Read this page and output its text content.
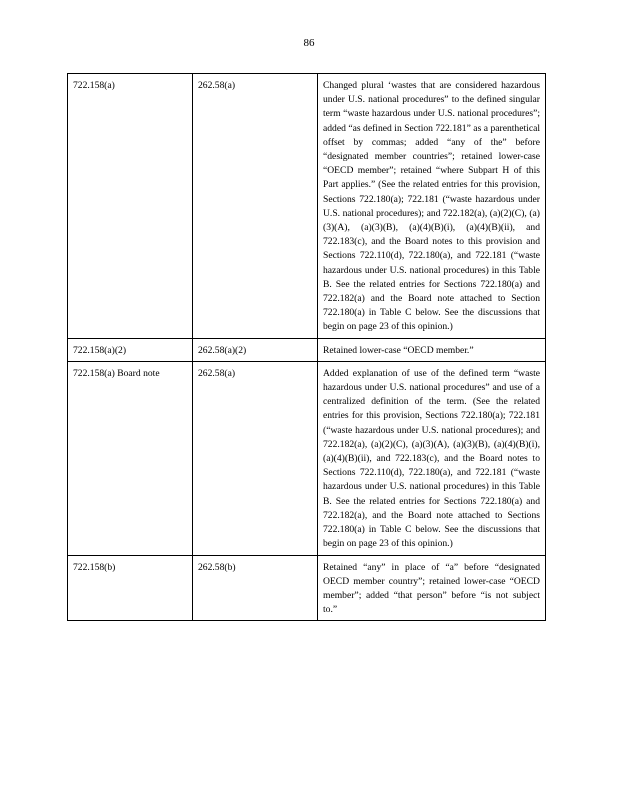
86
722.158(a)	262.58(a)	Changed plural ‘wastes that are considered hazardous under U.S. national procedures” to the defined singular term “waste hazardous under U.S. national procedures”; added “as defined in Section 722.181” as a parenthetical offset by commas; added “any of the” before “designated member countries”; retained lower-case “OECD member”; retained “where Subpart H of this Part applies.” (See the related entries for this provision, Sections 722.180(a); 722.181 (“waste hazardous under U.S. national procedures); and 722.182(a), (a)(2)(C), (a)(3)(A), (a)(3)(B), (a)(4)(B)(i), (a)(4)(B)(ii), and 722.183(c), and the Board notes to this provision and Sections 722.110(d), 722.180(a), and 722.181 (“waste hazardous under U.S. national procedures) in this Table B. See the related entries for Sections 722.180(a) and 722.182(a) and the Board note attached to Section 722.180(a) in Table C below. See the discussions that begin on page 23 of this opinion.)
722.158(a)(2)	262.58(a)(2)	Retained lower-case “OECD member.”
722.158(a) Board note	262.58(a)	Added explanation of use of the defined term “waste hazardous under U.S. national procedures” and use of a centralized definition of the term. (See the related entries for this provision, Sections 722.180(a); 722.181 (“waste hazardous under U.S. national procedures); and 722.182(a), (a)(2)(C), (a)(3)(A), (a)(3)(B), (a)(4)(B)(i), (a)(4)(B)(ii), and 722.183(c), and the Board notes to Sections 722.110(d), 722.180(a), and 722.181 (“waste hazardous under U.S. national procedures) in this Table B. See the related entries for Sections 722.180(a) and 722.182(a), and the Board note attached to Sections 722.180(a) in Table C below. See the discussions that begin on page 23 of this opinion.)
722.158(b)	262.58(b)	Retained “any” in place of “a” before “designated OECD member country”; retained lower-case “OECD member”; added “that person” before “is not subject to.”
